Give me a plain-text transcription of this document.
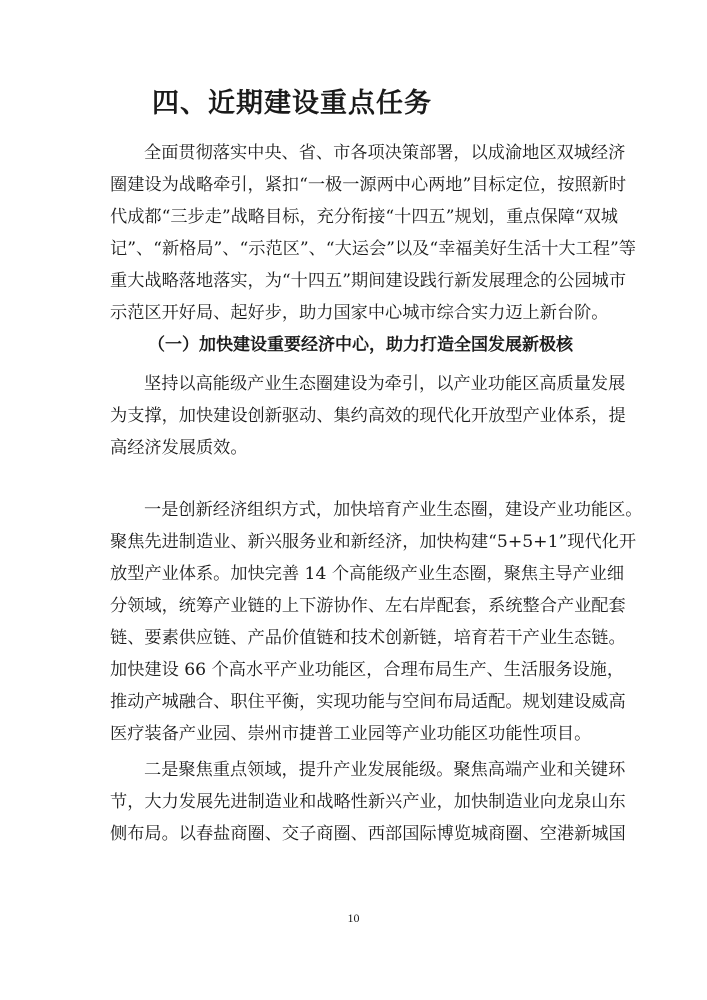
四、近期建设重点任务
全面贯彻落实中央、省、市各项决策部署，以成渝地区双城经济
圈建设为战略牵引，紧扣“一极一源两中心两地”目标定位，按照新时
代成都“三步走”战略目标，充分衔接“十四五”规划，重点保障“双城
记”、“新格局”、“示范区”、“大运会”以及“幸福美好生活十大工程”等
重大战略落地落实，为“十四五”期间建设践行新发展理念的公园城市
示范区开好局、起好步，助力国家中心城市综合实力迈上新台阶。
（一）加快建设重要经济中心，助力打造全国发展新极核
坚持以高能级产业生态圈建设为牵引，以产业功能区高质量发展
为支撑，加快建设创新驱动、集约高效的现代化开放型产业体系，提
高经济发展质效。
一是创新经济组织方式，加快培育产业生态圈，建设产业功能区。
聚焦先进制造业、新兴服务业和新经济，加快构建“5+5+1”现代化开
放型产业体系。加快完善 14 个高能级产业生态圈，聚焦主导产业细
分领域，统筹产业链的上下游协作、左右岸配套，系统整合产业配套
链、要素供应链、产品价值链和技术创新链，培育若干产业生态链。
加快建设 66 个高水平产业功能区，合理布局生产、生活服务设施，
推动产城融合、职住平衡，实现功能与空间布局适配。规划建设威高
医疗装备产业园、崇州市捷普工业园等产业功能区功能性项目。
二是聚焦重点领域，提升产业发展能级。聚焦高端产业和关键环
节，大力发展先进制造业和战略性新兴产业，加快制造业向龙泉山东
侧布局。以春盐商圈、交子商圈、西部国际博览城商圈、空港新城国
10
